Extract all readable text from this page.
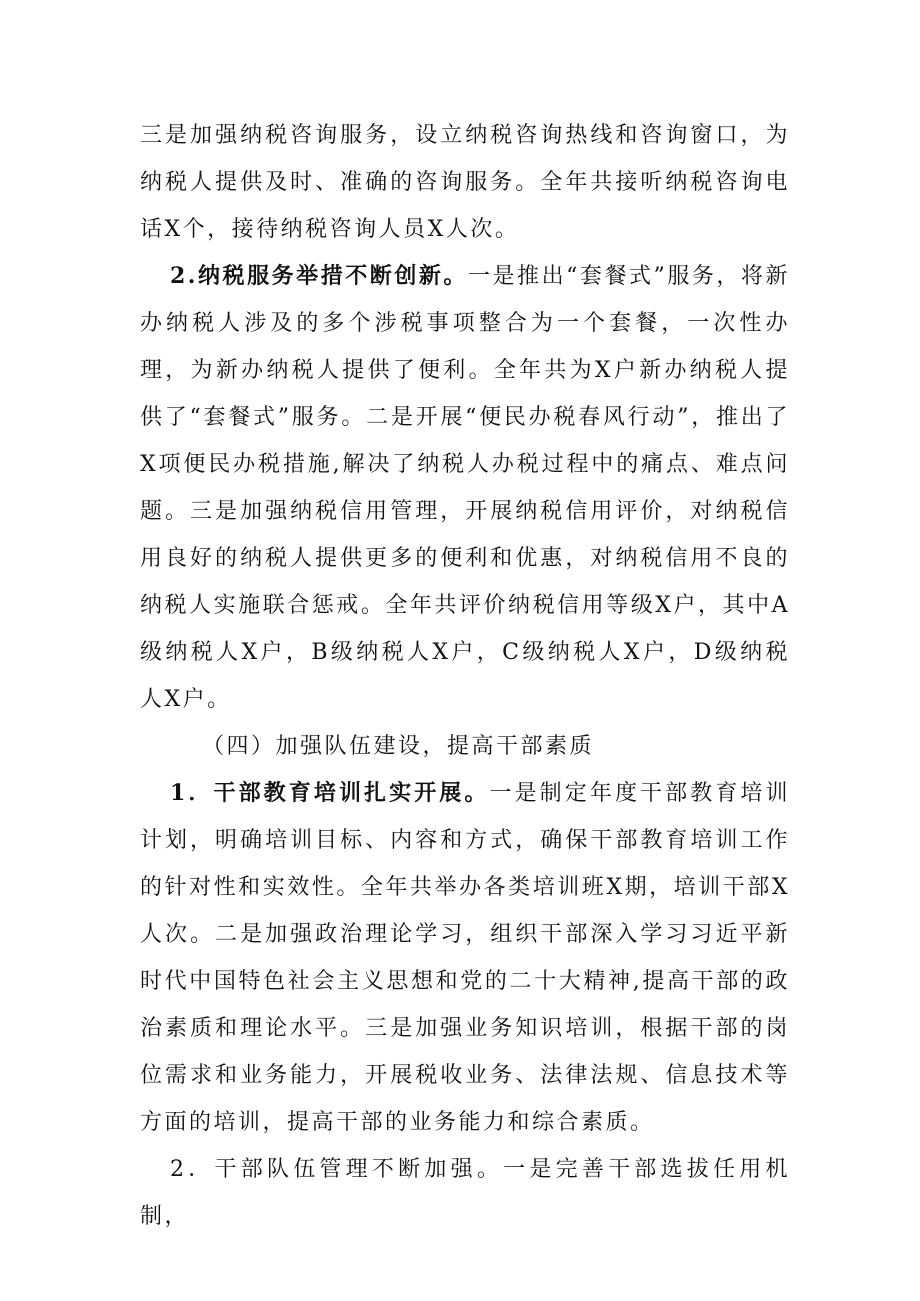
三是加强纳税咨询服务，设立纳税咨询热线和咨询窗口，为纳税人提供及时、准确的咨询服务。全年共接听纳税咨询电话X个，接待纳税咨询人员X人次。

2.纳税服务举措不断创新。一是推出“套餐式”服务，将新办纳税人涉及的多个涉税事项整合为一个套餐，一次性办理，为新办纳税人提供了便利。全年共为X户新办纳税人提供了“套餐式”服务。二是开展“便民办税春风行动”，推出了X项便民办税措施,解决了纳税人办税过程中的痛点、难点问题。三是加强纳税信用管理，开展纳税信用评价，对纳税信用良好的纳税人提供更多的便利和优惠，对纳税信用不良的纳税人实施联合惩戒。全年共评价纳税信用等级X户，其中A级纳税人X户，B级纳税人X户，C级纳税人X户，D级纳税人X户。

（四）加强队伍建设，提高干部素质

1．干部教育培训扎实开展。一是制定年度干部教育培训计划，明确培训目标、内容和方式，确保干部教育培训工作的针对性和实效性。全年共举办各类培训班X期，培训干部X人次。二是加强政治理论学习，组织干部深入学习习近平新时代中国特色社会主义思想和党的二十大精神,提高干部的政治素质和理论水平。三是加强业务知识培训，根据干部的岗位需求和业务能力，开展税收业务、法律法规、信息技术等方面的培训，提高干部的业务能力和综合素质。

2．干部队伍管理不断加强。一是完善干部选拔任用机制，
